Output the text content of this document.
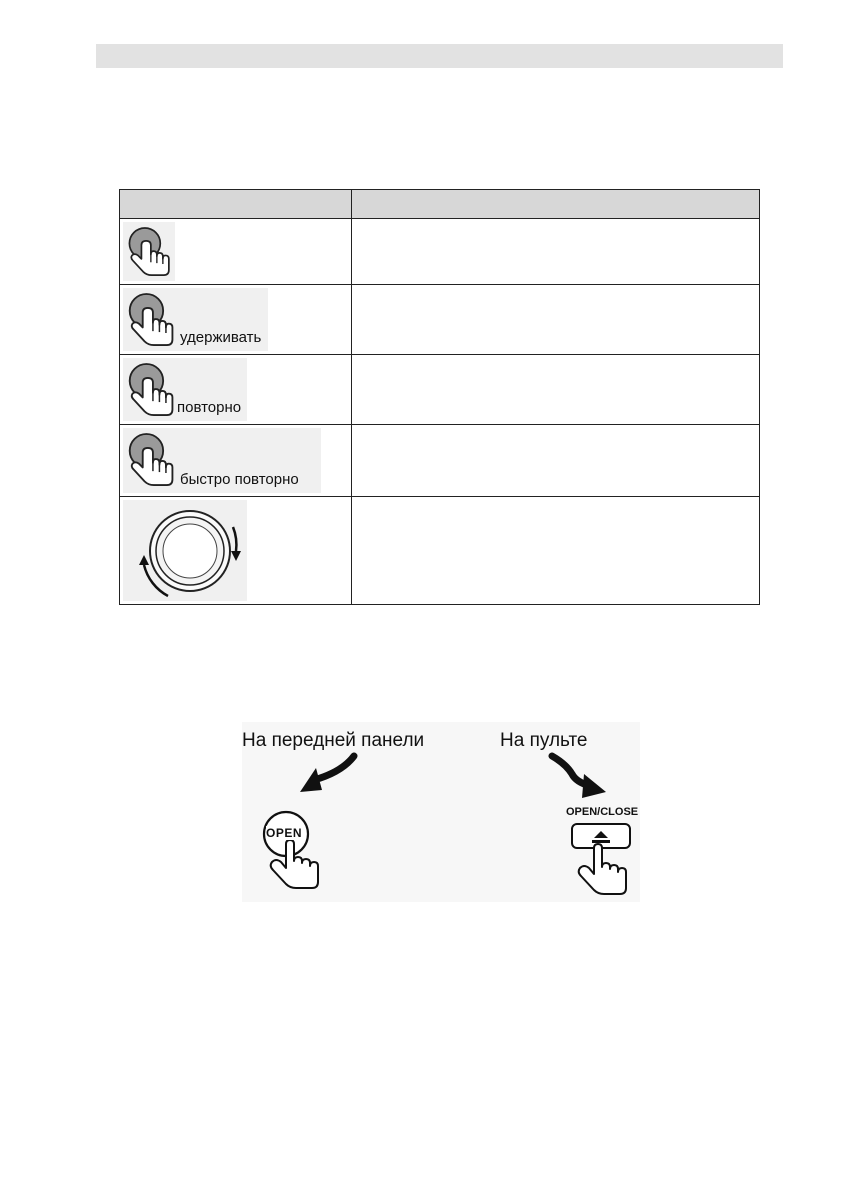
удерживать	

повторно	

быстро повторно	

На передней панели	На пульте
OPEN
OPEN/CLOSE
